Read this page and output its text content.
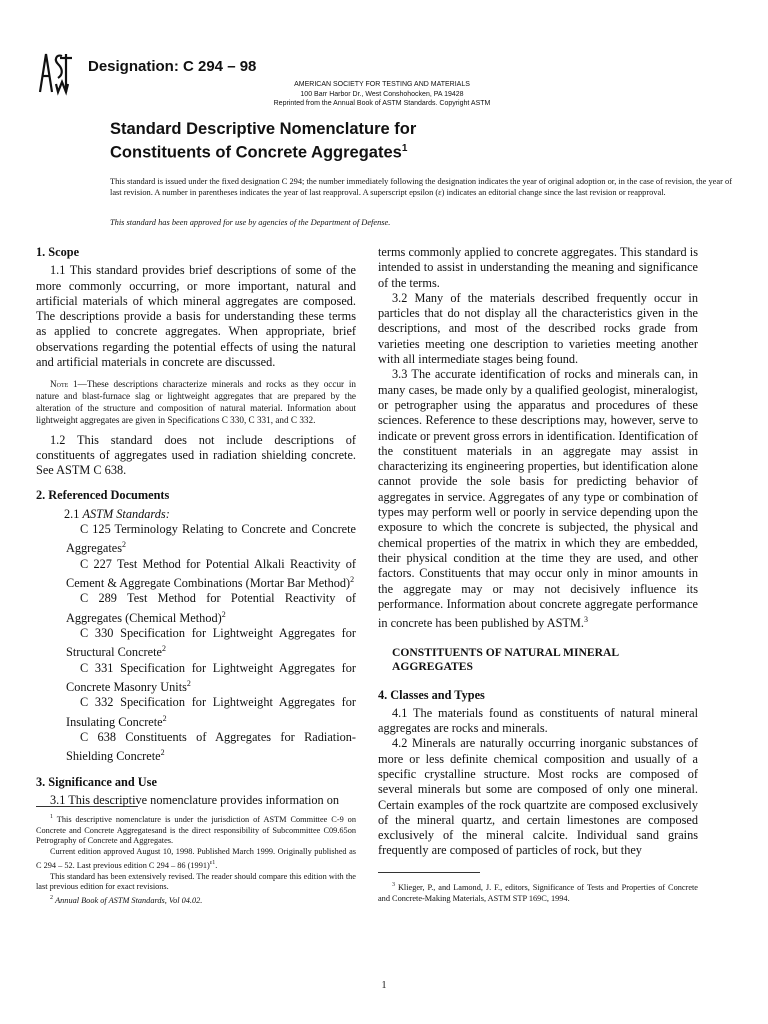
Designation: C 294 – 98
AMERICAN SOCIETY FOR TESTING AND MATERIALS
100 Barr Harbor Dr., West Conshohocken, PA 19428
Reprinted from the Annual Book of ASTM Standards. Copyright ASTM
Standard Descriptive Nomenclature for
Constituents of Concrete Aggregates$^1$
This standard is issued under the fixed designation C 294; the number immediately following the designation indicates the year of original adoption or, in the case of revision, the year of last revision. A number in parentheses indicates the year of last reapproval. A superscript epsilon (ε) indicates an editorial change since the last revision or reapproval.
This standard has been approved for use by agencies of the Department of Defense.
1. Scope

1.1 This standard provides brief descriptions of some of the more commonly occurring, or more important, natural and artificial materials of which mineral aggregates are composed. The descriptions provide a basis for understanding these terms as applied to concrete aggregates. When appropriate, brief observations regarding the potential effects of using the natural and artificial materials in concrete are discussed.

Note 1—These descriptions characterize minerals and rocks as they occur in nature and blast-furnace slag or lightweight aggregates that are prepared by the alteration of the structure and composition of natural material. Information about lightweight aggregates are given in Specifications C 330, C 331, and C 332.

1.2 This standard does not include descriptions of constituents of aggregates used in radiation shielding concrete. See ASTM C 638.

2. Referenced Documents

2.1 ASTM Standards:

C 125 Terminology Relating to Concrete and Concrete Aggregates$^2$

C 227 Test Method for Potential Alkali Reactivity of Cement & Aggregate Combinations (Mortar Bar Method)$^2$

C 289 Test Method for Potential Reactivity of Aggregates (Chemical Method)$^2$

C 330 Specification for Lightweight Aggregates for Structural Concrete$^2$

C 331 Specification for Lightweight Aggregates for Concrete Masonry Units$^2$

C 332 Specification for Lightweight Aggregates for Insulating Concrete$^2$

C 638 Constituents of Aggregates for Radiation-Shielding Concrete$^2$

3. Significance and Use

3.1 This descriptive nomenclature provides information on

terms commonly applied to concrete aggregates. This standard is intended to assist in understanding the meaning and significance of the terms.

3.2 Many of the materials described frequently occur in particles that do not display all the characteristics given in the descriptions, and most of the described rocks grade from varieties meeting one description to varieties meeting another with all intermediate stages being found.

3.3 The accurate identification of rocks and minerals can, in many cases, be made only by a qualified geologist, mineralogist, or petrographer using the apparatus and procedures of these sciences. Reference to these descriptions may, however, serve to indicate or prevent gross errors in identification. Identification of the constituent materials in an aggregate may assist in characterizing its engineering properties, but identification alone cannot provide the sole basis for predicting behavior of aggregates in service. Aggregates of any type or combination of types may perform well or poorly in service depending upon the exposure to which the concrete is subjected, the physical and chemical properties of the matrix in which they are embedded, their physical condition at the time they are used, and other factors. Constituents that may occur only in minor amounts in the aggregate may or may not decisively influence its performance. Information about concrete aggregate performance in concrete has been published by ASTM.$^3$

CONSTITUENTS OF NATURAL MINERAL

AGGREGATES

4. Classes and Types

4.1 The materials found as constituents of natural mineral aggregates are rocks and minerals.

4.2 Minerals are naturally occurring inorganic substances of more or less definite chemical composition and usually of a specific crystalline structure. Most rocks are composed of several minerals but some are composed of only one mineral. Certain examples of the rock quartzite are composed exclusively of the mineral quartz, and certain limestones are composed exclusively of the mineral calcite. Individual sand grains frequently are composed of particles of rock, but they

$^1$ This descriptive nomenclature is under the jurisdiction of ASTM Committee C-9 on Concrete and Concrete Aggregatesand is the direct responsibility of Subcommittee C09.65on Petrography of Concrete and Aggregates.

Current edition approved August 10, 1998. Published March 1999. Originally published as C 294 – 52. Last previous edition C 294 – 86 $(1991)^{\varepsilon 1}$.

This standard has been extensively revised. The reader should compare this edition with the last previous edition for exact revisions.

$^2$ Annual Book of ASTM Standards, Vol 04.02.

$^3$ Klieger, P., and Lamond, J. F., editors, Significance of Tests and Properties of Concrete and Concrete-Making Materials, ASTM STP 169C, 1994.

1
